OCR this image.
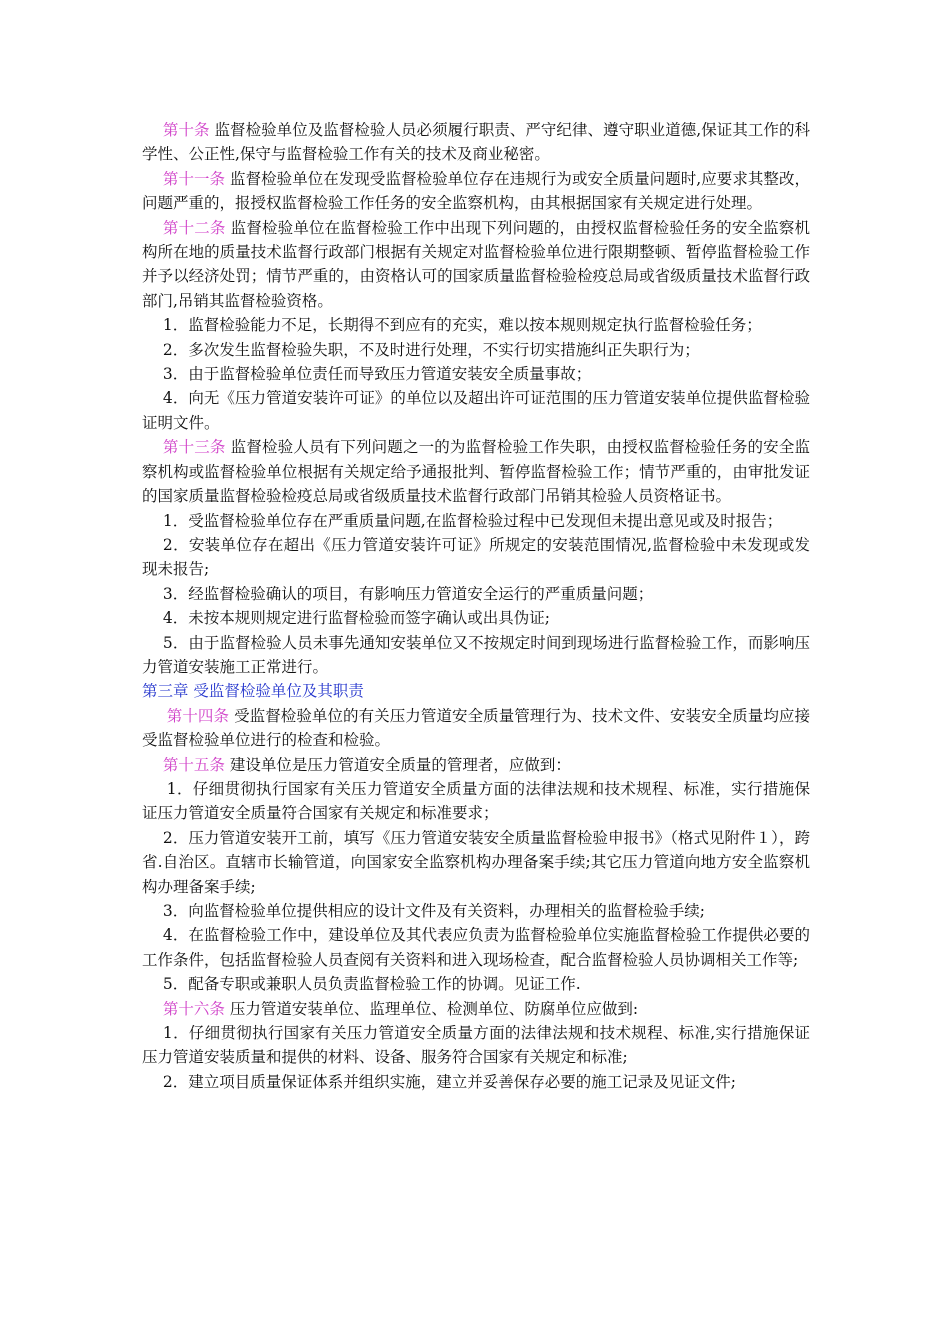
第十条 监督检验单位及监督检验人员必须履行职责、严守纪律、遵守职业道德,保证其工作的科学性、公正性,保守与监督检验工作有关的技术及商业秘密。

第十一条 监督检验单位在发现受监督检验单位存在违规行为或安全质量问题时,应要求其整改，问题严重的，报授权监督检验工作任务的安全监察机构，由其根据国家有关规定进行处理。

第十二条 监督检验单位在监督检验工作中出现下列问题的，由授权监督检验任务的安全监察机构所在地的质量技术监督行政部门根据有关规定对监督检验单位进行限期整顿、暂停监督检验工作并予以经济处罚；情节严重的，由资格认可的国家质量监督检验检疫总局或省级质量技术监督行政部门,吊销其监督检验资格。

1．监督检验能力不足，长期得不到应有的充实，难以按本规则规定执行监督检验任务；

2．多次发生监督检验失职，不及时进行处理，不实行切实措施纠正失职行为；

3．由于监督检验单位责任而导致压力管道安装安全质量事故；

4．向无《压力管道安装许可证》的单位以及超出许可证范围的压力管道安装单位提供监督检验证明文件。

第十三条 监督检验人员有下列问题之一的为监督检验工作失职，由授权监督检验任务的安全监察机构或监督检验单位根据有关规定给予通报批判、暂停监督检验工作；情节严重的，由审批发证的国家质量监督检验检疫总局或省级质量技术监督行政部门吊销其检验人员资格证书。

1．受监督检验单位存在严重质量问题,在监督检验过程中已发现但未提出意见或及时报告；

2．安装单位存在超出《压力管道安装许可证》所规定的安装范围情况,监督检验中未发现或发现未报告;

3．经监督检验确认的项目，有影响压力管道安全运行的严重质量问题；

4．未按本规则规定进行监督检验而签字确认或出具伪证;

5．由于监督检验人员未事先通知安装单位又不按规定时间到现场进行监督检验工作，而影响压力管道安装施工正常进行。

第三章 受监督检验单位及其职责

第十四条 受监督检验单位的有关压力管道安全质量管理行为、技术文件、安装安全质量均应接受监督检验单位进行的检查和检验。

第十五条 建设单位是压力管道安全质量的管理者，应做到：

1．仔细贯彻执行国家有关压力管道安全质量方面的法律法规和技术规程、标准，实行措施保证压力管道安全质量符合国家有关规定和标准要求；

2．压力管道安装开工前，填写《压力管道安装安全质量监督检验申报书》（格式见附件１），跨省.自治区。直辖市长输管道，向国家安全监察机构办理备案手续;其它压力管道向地方安全监察机构办理备案手续;

3．向监督检验单位提供相应的设计文件及有关资料，办理相关的监督检验手续;

4．在监督检验工作中，建设单位及其代表应负责为监督检验单位实施监督检验工作提供必要的工作条件，包括监督检验人员查阅有关资料和进入现场检查，配合监督检验人员协调相关工作等;

5．配备专职或兼职人员负责监督检验工作的协调。见证工作.

第十六条 压力管道安装单位、监理单位、检测单位、防腐单位应做到:

1．仔细贯彻执行国家有关压力管道安全质量方面的法律法规和技术规程、标准,实行措施保证压力管道安装质量和提供的材料、设备、服务符合国家有关规定和标准;

2．建立项目质量保证体系并组织实施，建立并妥善保存必要的施工记录及见证文件;
